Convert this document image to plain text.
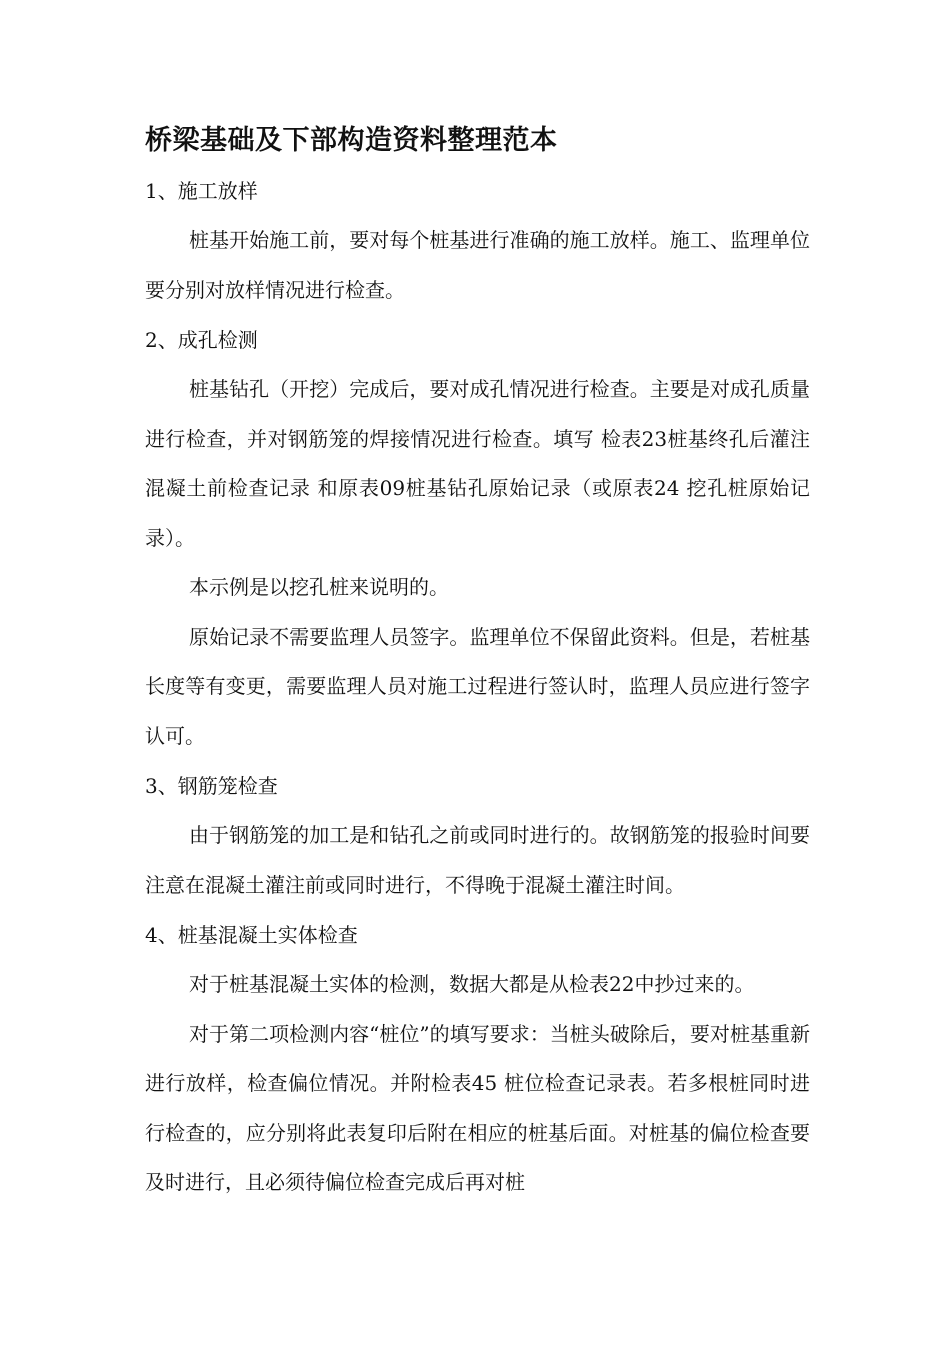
桥梁基础及下部构造资料整理范本

1、施工放样

桩基开始施工前，要对每个桩基进行准确的施工放样。施工、监理单位要分别对放样情况进行检查。

2、成孔检测

桩基钻孔（开挖）完成后，要对成孔情况进行检查。主要是对成孔质量进行检查，并对钢筋笼的焊接情况进行检查。填写 检表23桩基终孔后灌注混凝土前检查记录 和原表09桩基钻孔原始记录（或原表24 挖孔桩原始记录）。

本示例是以挖孔桩来说明的。

原始记录不需要监理人员签字。监理单位不保留此资料。但是，若桩基长度等有变更，需要监理人员对施工过程进行签认时，监理人员应进行签字认可。

3、钢筋笼检查

由于钢筋笼的加工是和钻孔之前或同时进行的。故钢筋笼的报验时间要注意在混凝土灌注前或同时进行，不得晚于混凝土灌注时间。

4、桩基混凝土实体检查

对于桩基混凝土实体的检测，数据大都是从检表22中抄过来的。

对于第二项检测内容“桩位”的填写要求：当桩头破除后，要对桩基重新进行放样，检查偏位情况。并附检表45 桩位检查记录表。若多根桩同时进行检查的，应分别将此表复印后附在相应的桩基后面。对桩基的偏位检查要及时进行，且必须待偏位检查完成后再对桩
